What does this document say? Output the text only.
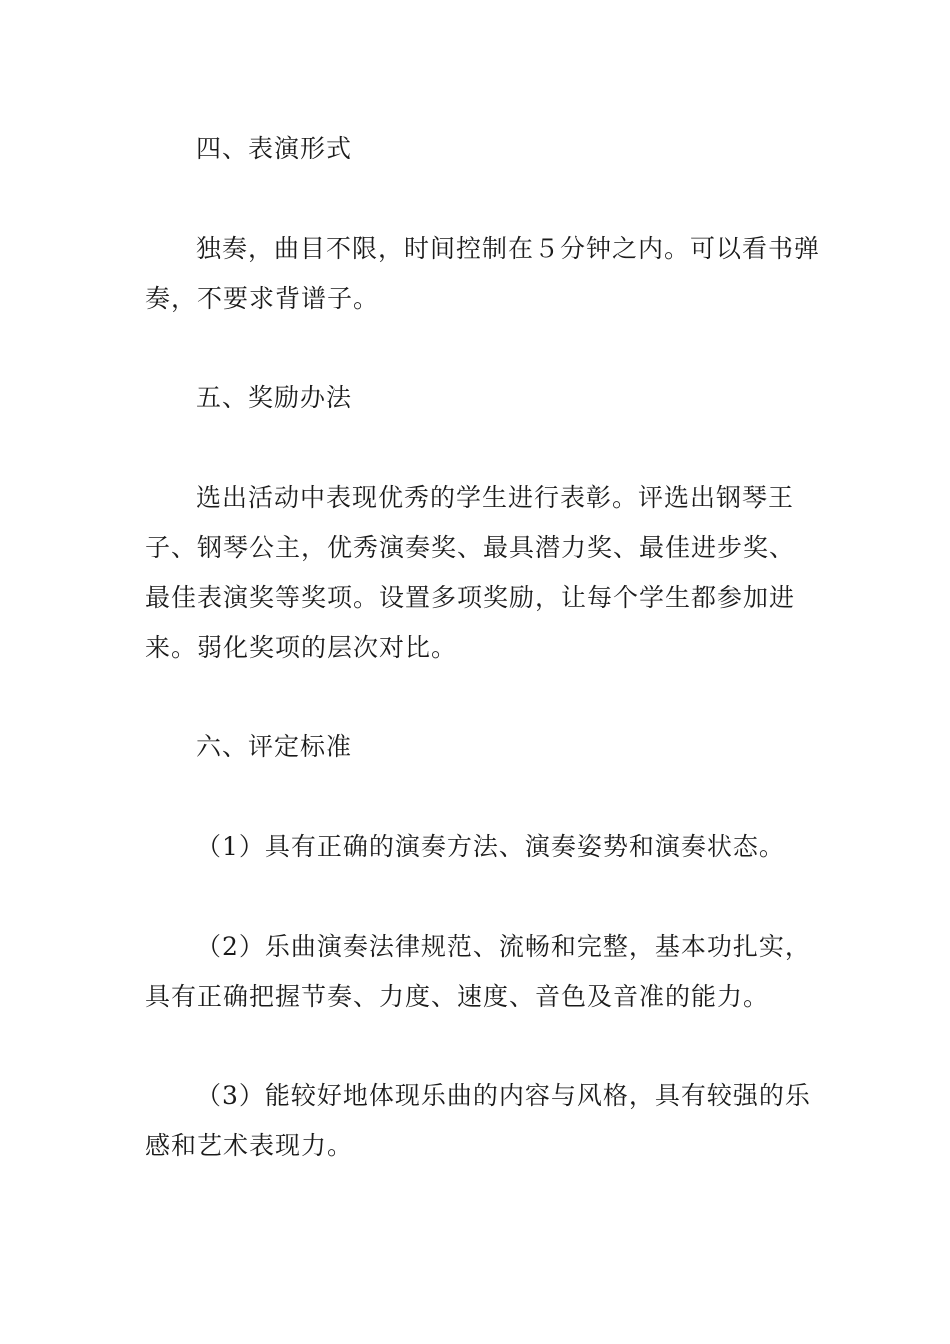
四、表演形式

独奏，曲目不限，时间控制在５分钟之内。可以看书弹

奏，不要求背谱子。

五、奖励办法

选出活动中表现优秀的学生进行表彰。评选出钢琴王

子、钢琴公主，优秀演奏奖、最具潜力奖、最佳进步奖、

最佳表演奖等奖项。设置多项奖励，让每个学生都参加进

来。弱化奖项的层次对比。

六、评定标准

（1）具有正确的演奏方法、演奏姿势和演奏状态。

（2）乐曲演奏法律规范、流畅和完整，基本功扎实，

具有正确把握节奏、力度、速度、音色及音准的能力。

（3）能较好地体现乐曲的内容与风格，具有较强的乐

感和艺术表现力。
